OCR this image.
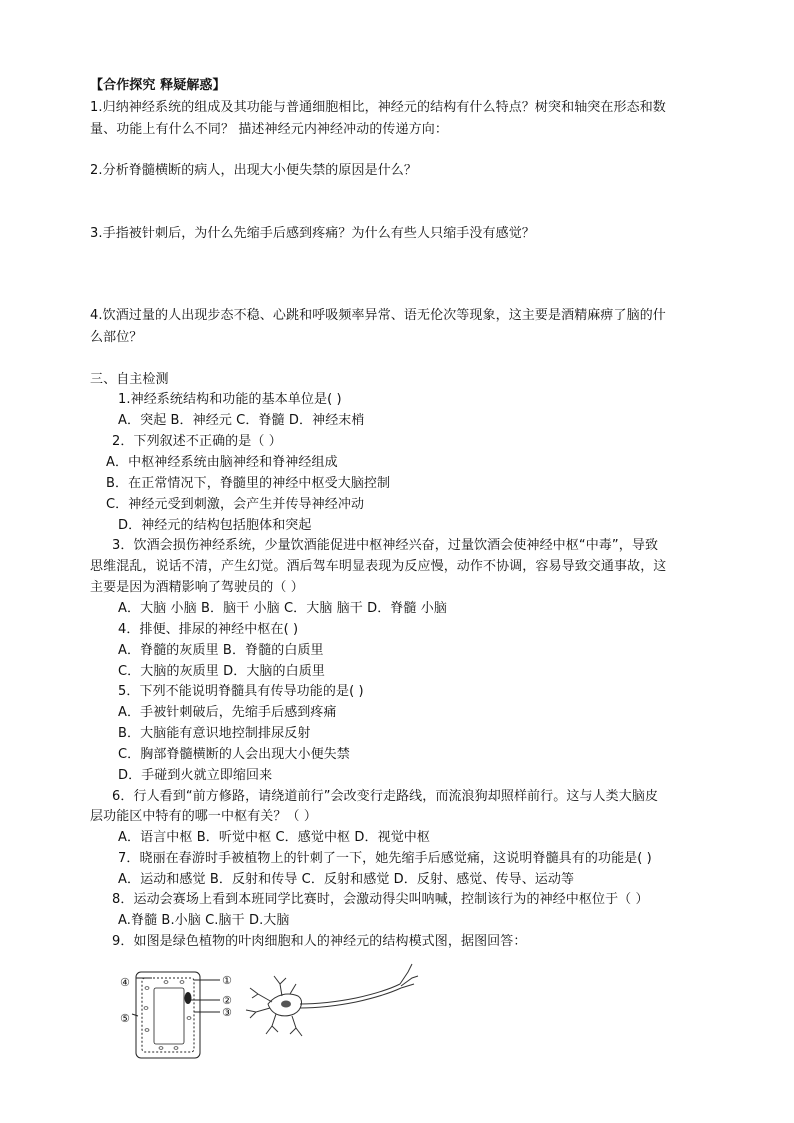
【合作探究 释疑解惑】
1.归纳神经系统的组成及其功能与普通细胞相比，神经元的结构有什么特点？树突和轴突在形态和数
量、功能上有什么不同？ 描述神经元内神经冲动的传递方向：
2.分析脊髓横断的病人，出现大小便失禁的原因是什么？
3.手指被针刺后，为什么先缩手后感到疼痛？为什么有些人只缩手没有感觉？
4.饮酒过量的人出现步态不稳、心跳和呼吸频率异常、语无伦次等现象，这主要是酒精麻痹了脑的什
么部位？
三、自主检测
1.神经系统结构和功能的基本单位是( )
A．突起 B．神经元 C．脊髓 D．神经末梢
2．下列叙述不正确的是（ ）
A．中枢神经系统由脑神经和脊神经组成
B．在正常情况下，脊髓里的神经中枢受大脑控制
C．神经元受到刺激，会产生并传导神经冲动
D．神经元的结构包括胞体和突起
3．饮酒会损伤神经系统，少量饮酒能促进中枢神经兴奋，过量饮酒会使神经中枢“中毒”，导致
思维混乱，说话不清，产生幻觉。酒后驾车明显表现为反应慢，动作不协调，容易导致交通事故，这
主要是因为酒精影响了驾驶员的（ ）
A．大脑 小脑 B．脑干 小脑 C．大脑 脑干 D．脊髓 小脑
4．排便、排尿的神经中枢在( )
A．脊髓的灰质里 B．脊髓的白质里
C．大脑的灰质里 D．大脑的白质里
5．下列不能说明脊髓具有传导功能的是( )
A．手被针刺破后，先缩手后感到疼痛
B．大脑能有意识地控制排尿反射
C．胸部脊髓横断的人会出现大小便失禁
D．手碰到火就立即缩回来
6．行人看到“前方修路，请绕道前行”会改变行走路线，而流浪狗却照样前行。这与人类大脑皮
层功能区中特有的哪一中枢有关？（ ）
A．语言中枢 B．听觉中枢 C．感觉中枢 D．视觉中枢
7．晓丽在春游时手被植物上的针刺了一下，她先缩手后感觉痛，这说明脊髓具有的功能是( )
A．运动和感觉 B．反射和传导 C．反射和感觉 D．反射、感觉、传导、运动等
8．运动会赛场上看到本班同学比赛时，会激动得尖叫呐喊，控制该行为的神经中枢位于（ ）
A.脊髓 B.小脑 C.脑干 D.大脑
9．如图是绿色植物的叶肉细胞和人的神经元的结构模式图，据图回答：
①
②
③
④
⑤
